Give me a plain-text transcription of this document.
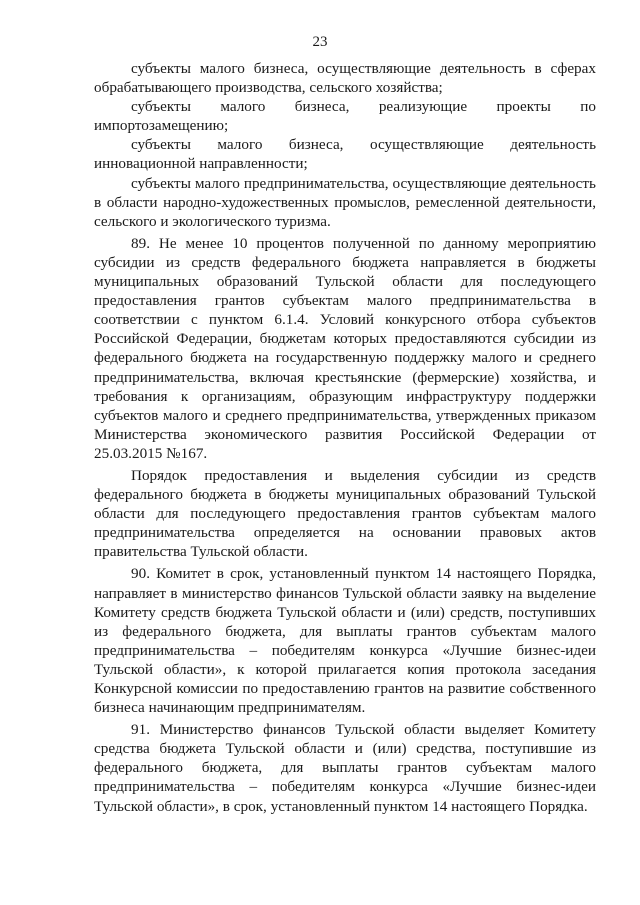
23

субъекты малого бизнеса, осуществляющие деятельность в сферах обрабатывающего производства, сельского хозяйства;

субъекты малого бизнеса, реализующие проекты по импортозамещению;

субъекты малого бизнеса, осуществляющие деятельность инновационной направленности;

субъекты малого предпринимательства, осуществляющие деятельность в области народно-художественных промыслов, ремесленной деятельности, сельского и экологического туризма.

89. Не менее 10 процентов полученной по данному мероприятию субсидии из средств федерального бюджета направляется в бюджеты муниципальных образований Тульской области для последующего предоставления грантов субъектам малого предпринимательства в соответствии с пунктом 6.1.4. Условий конкурсного отбора субъектов Российской Федерации, бюджетам которых предоставляются субсидии из федерального бюджета на государственную поддержку малого и среднего предпринимательства, включая крестьянские (фермерские) хозяйства, и требования к организациям, образующим инфраструктуру поддержки субъектов малого и среднего предпринимательства, утвержденных приказом Министерства экономического развития Российской Федерации от 25.03.2015 №167.

Порядок предоставления и выделения субсидии из средств федерального бюджета в бюджеты муниципальных образований Тульской области для последующего предоставления грантов субъектам малого предпринимательства определяется на основании правовых актов правительства Тульской области.

90. Комитет в срок, установленный пунктом 14 настоящего Порядка, направляет в министерство финансов Тульской области заявку на выделение Комитету средств бюджета Тульской области и (или) средств, поступивших из федерального бюджета, для выплаты грантов субъектам малого предпринимательства – победителям конкурса «Лучшие бизнес-идеи Тульской области», к которой прилагается копия протокола заседания Конкурсной комиссии по предоставлению грантов на развитие собственного бизнеса начинающим предпринимателям.

91. Министерство финансов Тульской области выделяет Комитету средства бюджета Тульской области и (или) средства, поступившие из федерального бюджета, для выплаты грантов субъектам малого предпринимательства – победителям конкурса «Лучшие бизнес-идеи Тульской области», в срок, установленный пунктом 14 настоящего Порядка.
